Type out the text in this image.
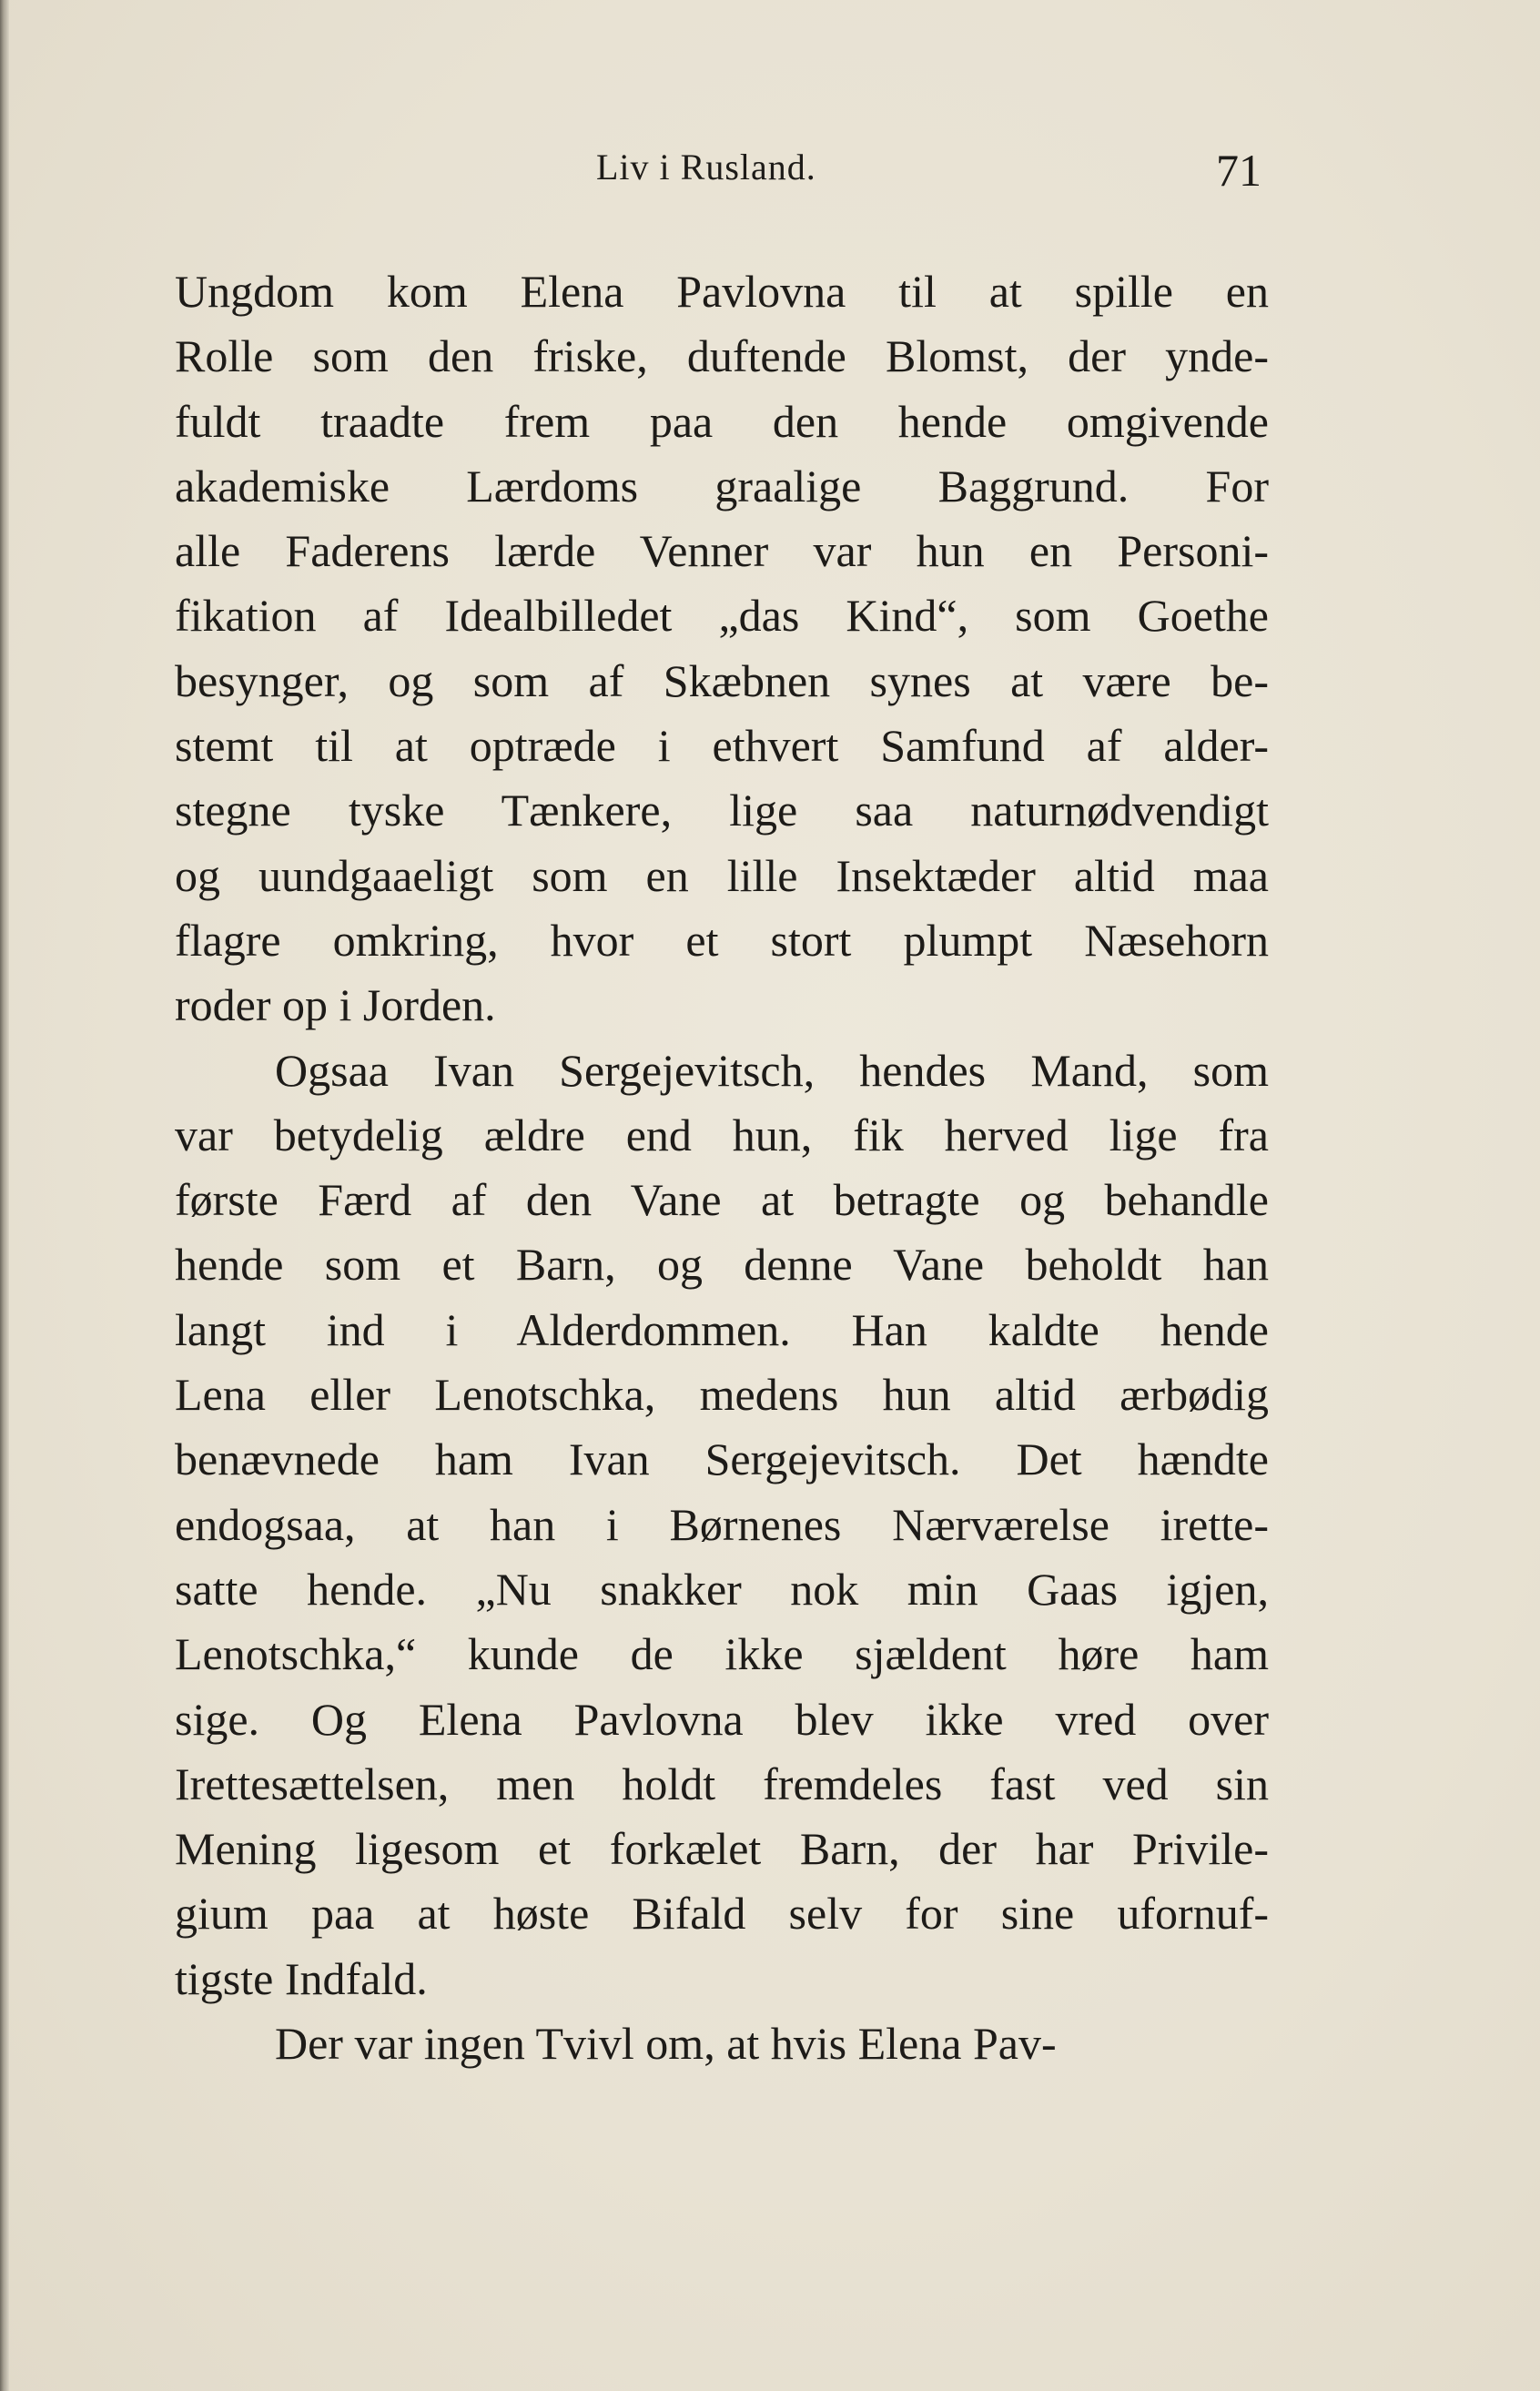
Liv i Rusland.	71
Ungdom kom Elena Pavlovna til at spille en
Rolle som den friske, duftende Blomst, der ynde-
fuldt traadte frem paa den hende omgivende
akademiske Lærdoms graalige Baggrund. For
alle Faderens lærde Venner var hun en Personi-
fikation af Idealbilledet „das Kind“, som Goethe
besynger, og som af Skæbnen synes at være be-
stemt til at optræde i ethvert Samfund af alder-
stegne tyske Tænkere, lige saa naturnødvendigt
og uundgaaeligt som en lille Insektæder altid maa
flagre omkring, hvor et stort plumpt Næsehorn
roder op i Jorden.
Ogsaa Ivan Sergejevitsch, hendes Mand, som
var betydelig ældre end hun, fik herved lige fra
første Færd af den Vane at betragte og behandle
hende som et Barn, og denne Vane beholdt han
langt ind i Alderdommen. Han kaldte hende
Lena eller Lenotschka, medens hun altid ærbødig
benævnede ham Ivan Sergejevitsch. Det hændte
endogsaa, at han i Børnenes Nærværelse irette-
satte hende. „Nu snakker nok min Gaas igjen,
Lenotschka,“ kunde de ikke sjældent høre ham
sige. Og Elena Pavlovna blev ikke vred over
Irettesættelsen, men holdt fremdeles fast ved sin
Mening ligesom et forkælet Barn, der har Privile-
gium paa at høste Bifald selv for sine ufornuf-
tigste Indfald.
Der var ingen Tvivl om, at hvis Elena Pav-
